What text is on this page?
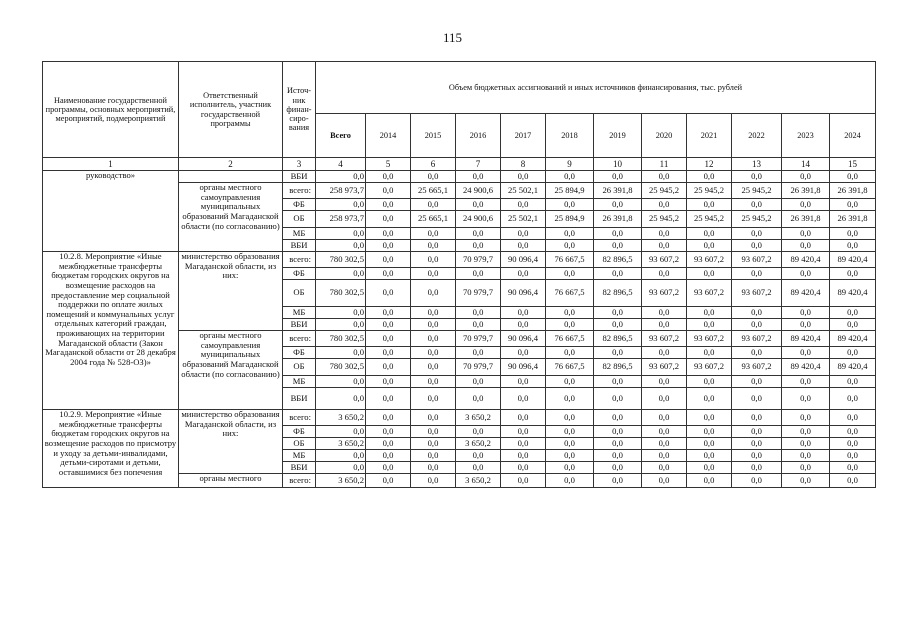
115
Наименование государственной программы, основных мероприятий, мероприятий, подмероприятий	Ответственный исполнитель, участник государственной программы	Источ-ник финан-сиро-вания	Объем бюджетных ассигнований и иных источников финансирования, тыс. рублей											
			Всего	2014	2015	2016	2017	2018	2019	2020	2021	2022	2023	2024
1	2	3	4	5	6	7	8	9	10	11	12	13	14	15
руководство»		ВБИ	0,0	0,0	0,0	0,0	0,0	0,0	0,0	0,0	0,0	0,0	0,0	0,0
	органы местного самоуправления муниципальных образований Магаданской области (по согласованию)	всего:	258 973,7	0,0	25 665,1	24 900,6	25 502,1	25 894,9	26 391,8	25 945,2	25 945,2	25 945,2	26 391,8	26 391,8
		ФБ	0,0	0,0	0,0	0,0	0,0	0,0	0,0	0,0	0,0	0,0	0,0	0,0
		ОБ	258 973,7	0,0	25 665,1	24 900,6	25 502,1	25 894,9	26 391,8	25 945,2	25 945,2	25 945,2	26 391,8	26 391,8
		МБ	0,0	0,0	0,0	0,0	0,0	0,0	0,0	0,0	0,0	0,0	0,0	0,0
		ВБИ	0,0	0,0	0,0	0,0	0,0	0,0	0,0	0,0	0,0	0,0	0,0	0,0
10.2.8. Мероприятие «Иные межбюджетные трансферты бюджетам городских округов на возмещение расходов на предоставление мер социальной поддержки по оплате жилых помещений и коммунальных услуг отдельных категорий граждан, проживающих на территории Магаданской области (Закон Магаданской области от 28 декабря 2004 года № 528-ОЗ)»	министерство образования Магаданской области, из них:	всего:	780 302,5	0,0	0,0	70 979,7	90 096,4	76 667,5	82 896,5	93 607,2	93 607,2	93 607,2	89 420,4	89 420,4
		ФБ	0,0	0,0	0,0	0,0	0,0	0,0	0,0	0,0	0,0	0,0	0,0	0,0
		ОБ	780 302,5	0,0	0,0	70 979,7	90 096,4	76 667,5	82 896,5	93 607,2	93 607,2	93 607,2	89 420,4	89 420,4
		МБ	0,0	0,0	0,0	0,0	0,0	0,0	0,0	0,0	0,0	0,0	0,0	0,0
		ВБИ	0,0	0,0	0,0	0,0	0,0	0,0	0,0	0,0	0,0	0,0	0,0	0,0
	органы местного самоуправления муниципальных образований Магаданской области (по согласованию)	всего:	780 302,5	0,0	0,0	70 979,7	90 096,4	76 667,5	82 896,5	93 607,2	93 607,2	93 607,2	89 420,4	89 420,4
		ФБ	0,0	0,0	0,0	0,0	0,0	0,0	0,0	0,0	0,0	0,0	0,0	0,0
		ОБ	780 302,5	0,0	0,0	70 979,7	90 096,4	76 667,5	82 896,5	93 607,2	93 607,2	93 607,2	89 420,4	89 420,4
		МБ	0,0	0,0	0,0	0,0	0,0	0,0	0,0	0,0	0,0	0,0	0,0	0,0
		ВБИ	0,0	0,0	0,0	0,0	0,0	0,0	0,0	0,0	0,0	0,0	0,0	0,0
10.2.9. Мероприятие «Иные межбюджетные трансферты бюджетам городских округов на возмещение расходов по присмотру и уходу за детьми-инвалидами, детьми-сиротами и детьми, оставшимися без попечения	министерство образования Магаданской области, из них:	всего:	3 650,2	0,0	0,0	3 650,2	0,0	0,0	0,0	0,0	0,0	0,0	0,0	0,0
		ФБ	0,0	0,0	0,0	0,0	0,0	0,0	0,0	0,0	0,0	0,0	0,0	0,0
		ОБ	3 650,2	0,0	0,0	3 650,2	0,0	0,0	0,0	0,0	0,0	0,0	0,0	0,0
		МБ	0,0	0,0	0,0	0,0	0,0	0,0	0,0	0,0	0,0	0,0	0,0	0,0
		ВБИ	0,0	0,0	0,0	0,0	0,0	0,0	0,0	0,0	0,0	0,0	0,0	0,0
	органы местного	всего:	3 650,2	0,0	0,0	3 650,2	0,0	0,0	0,0	0,0	0,0	0,0	0,0	0,0
